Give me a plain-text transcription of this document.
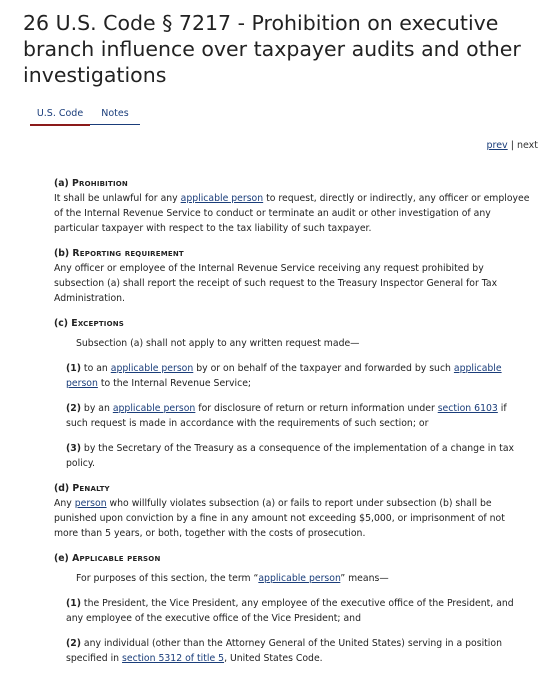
26 U.S. Code § 7217 - Prohibition on executive branch influence over taxpayer audits and other investigations
U.S. Code	Notes
prev | next
(a) Prohibition

It shall be unlawful for any applicable person to request, directly or indirectly, any officer or employee of the Internal Revenue Service to conduct or terminate an audit or other investigation of any particular taxpayer with respect to the tax liability of such taxpayer.

(b) Reporting requirement

Any officer or employee of the Internal Revenue Service receiving any request prohibited by subsection (a) shall report the receipt of such request to the Treasury Inspector General for Tax Administration.

(c) Exceptions

Subsection (a) shall not apply to any written request made—

(1) to an applicable person by or on behalf of the taxpayer and forwarded by such applicable person to the Internal Revenue Service;

(2) by an applicable person for disclosure of return or return information under section 6103 if such request is made in accordance with the requirements of such section; or

(3) by the Secretary of the Treasury as a consequence of the implementation of a change in tax policy.

(d) Penalty

Any person who willfully violates subsection (a) or fails to report under subsection (b) shall be punished upon conviction by a fine in any amount not exceeding $5,000, or imprisonment of not more than 5 years, or both, together with the costs of prosecution.

(e) Applicable person

For purposes of this section, the term “applicable person” means—

(1) the President, the Vice President, any employee of the executive office of the President, and any employee of the executive office of the Vice President; and

(2) any individual (other than the Attorney General of the United States) serving in a position specified in section 5312 of title 5, United States Code.
